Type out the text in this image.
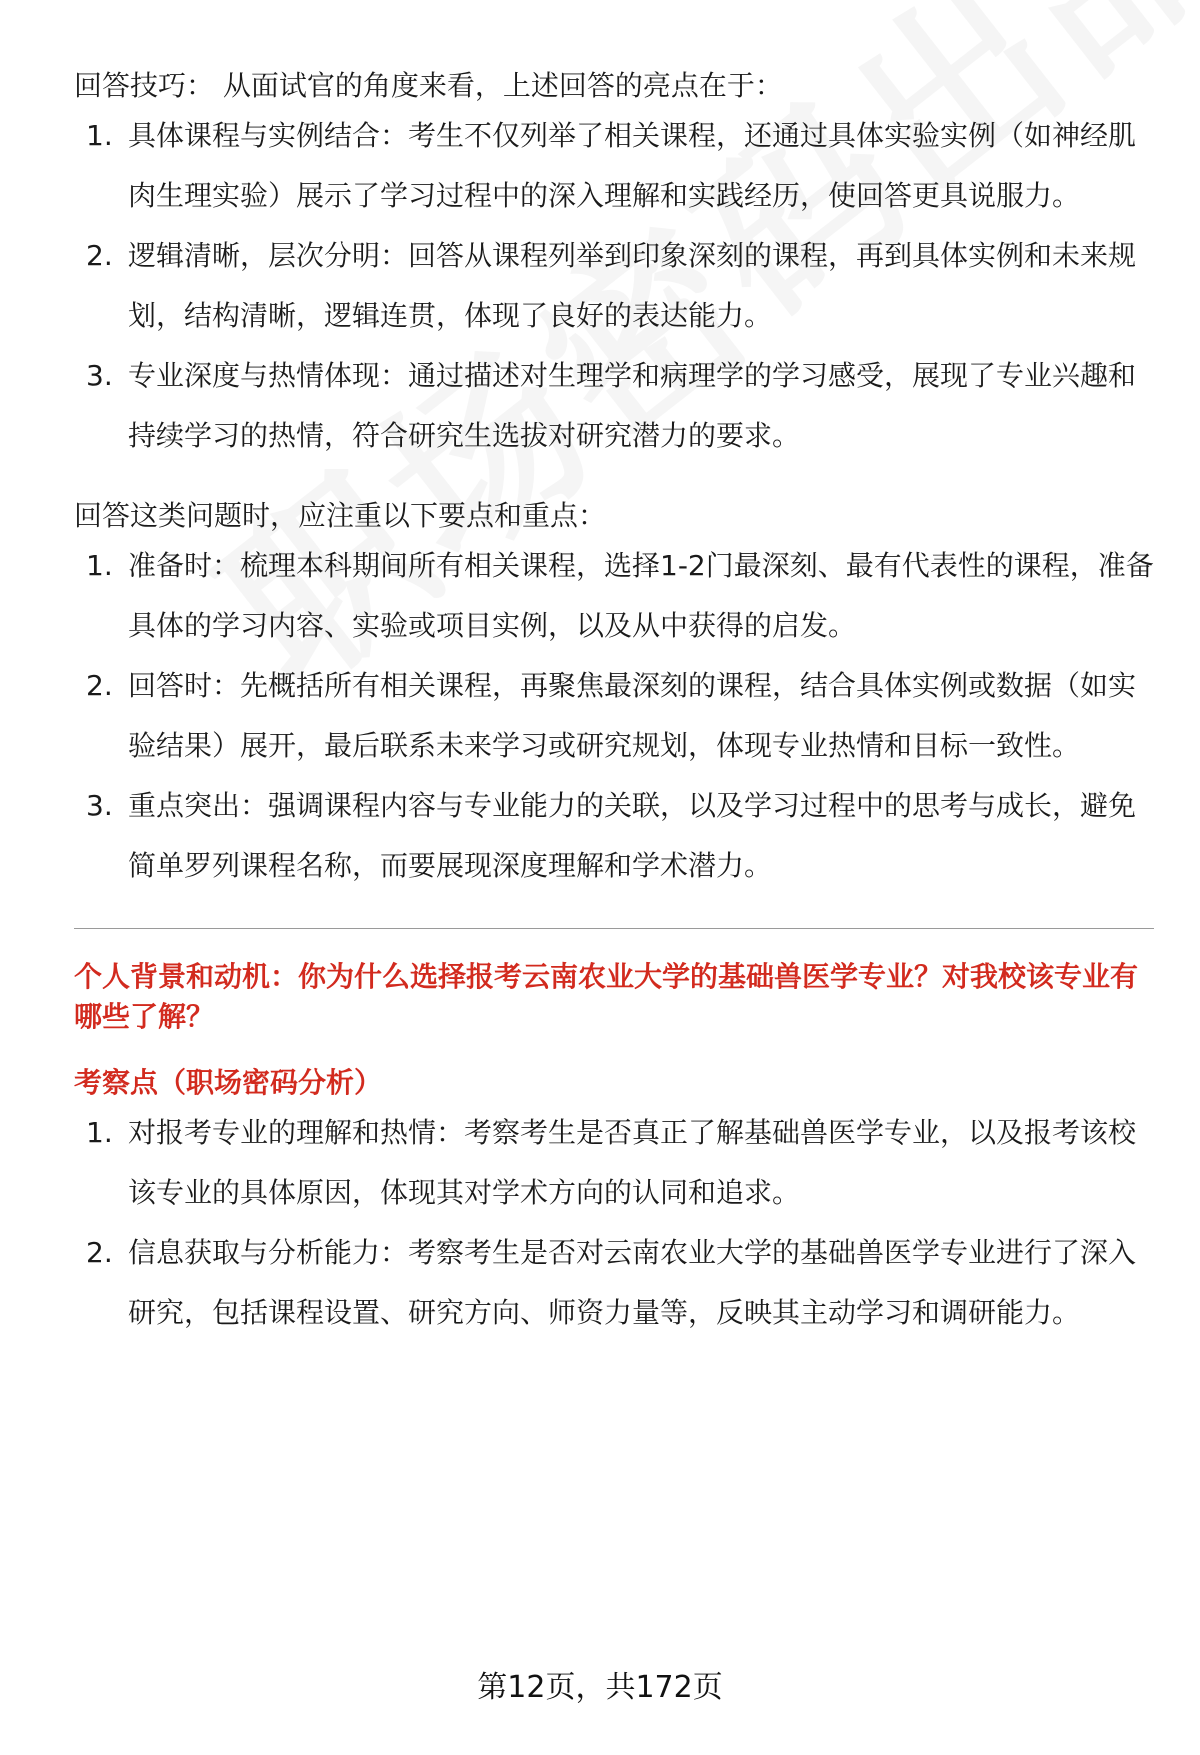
回答技巧： 从面试官的角度来看，上述回答的亮点在于：

1. 具体课程与实例结合：考生不仅列举了相关课程，还通过具体实验实例（如神经肌肉生理实验）展示了学习过程中的深入理解和实践经历，使回答更具说服力。
2. 逻辑清晰，层次分明：回答从课程列举到印象深刻的课程，再到具体实例和未来规划，结构清晰，逻辑连贯，体现了良好的表达能力。
3. 专业深度与热情体现：通过描述对生理学和病理学的学习感受，展现了专业兴趣和持续学习的热情，符合研究生选拔对研究潜力的要求。

回答这类问题时，应注重以下要点和重点：

1. 准备时：梳理本科期间所有相关课程，选择1-2门最深刻、最有代表性的课程，准备具体的学习内容、实验或项目实例，以及从中获得的启发。
2. 回答时：先概括所有相关课程，再聚焦最深刻的课程，结合具体实例或数据（如实验结果）展开，最后联系未来学习或研究规划，体现专业热情和目标一致性。
3. 重点突出：强调课程内容与专业能力的关联，以及学习过程中的思考与成长，避免简单罗列课程名称，而要展现深度理解和学术潜力。

个人背景和动机：你为什么选择报考云南农业大学的基础兽医学专业？对我校该专业有哪些了解？

考察点（职场密码分析）

1. 对报考专业的理解和热情：考察考生是否真正了解基础兽医学专业，以及报考该校该专业的具体原因，体现其对学术方向的认同和追求。
2. 信息获取与分析能力：考察考生是否对云南农业大学的基础兽医学专业进行了深入研究，包括课程设置、研究方向、师资力量等，反映其主动学习和调研能力。
第12页，共172页
